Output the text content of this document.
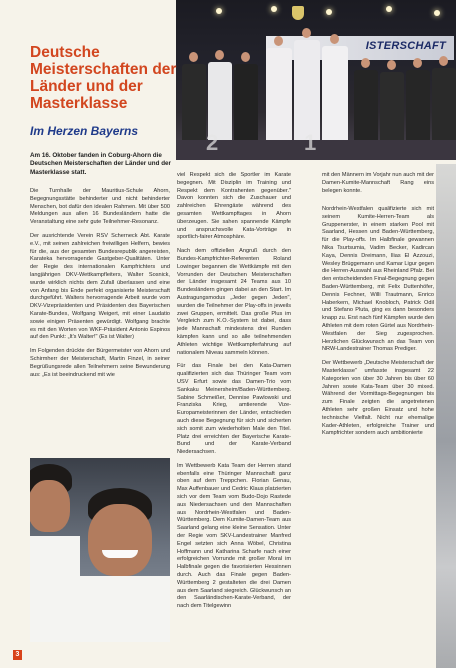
ISTERSCHAFT
2	1
Deutsche Meisterschaften der Länder und der Masterklasse
Im Herzen Bayerns
Am 16. Oktober fanden in Coburg-Ahorn die Deutschen Meisterschaften der Länder und der Masterklasse statt.

Die Turnhalle der Mauritius-Schule Ahorn, Begegnungsstätte behinderter und nicht behinderter Menschen, bot dafür den idealen Rahmen. Mit über 500 Meldungen aus allen 16 Bundesländern hatte die Veranstaltung eine sehr gute Teilnehmer-Resonanz.

Der ausrichtende Verein RSV Scherneck Abt. Karate e.V., mit seinen zahlreichen freiwilligen Helfern, bewies für die, aus der gesamten Bundesrepublik angereisten, Karateka hervorragende Gastgeber-Qualitäten. Unter der Regie des internationalen Kampfrichters und langjährigen DKV-Wettkampfleiters, Walter Sosnick, wurde wirklich nichts dem Zufall überlassen und eine von Anfang bis Ende perfekt organisierte Meisterschaft durchgeführt. Walters hervorragende Arbeit wurde vom DKV-Vizepräsidenten und Präsidenten des Bayerischen Karate-Bundes, Wolfgang Weigert, mit einer Laudatio sowie einigen Präsenten gewürdigt. Wolfgang brachte es mit den Worten von WKF-Präsident Antonio Espinos auf den Punkt: „It's Walter!" (Es ist Walter)

Im Folgenden drückte der Bürgermeister von Ahorn und Schirmherr der Meisterschaft, Martin Finzel, in seiner Begrüßungsrede allen Teilnehmern seine Bewunderung aus: „Es ist beeindruckend mit wie

viel Respekt sich die Sportler im Karate begegnen. Mit Disziplin im Training und Respekt dem Kontrahenten gegenüber." Davon konnten sich die Zuschauer und zahlreichen Ehrengäste während des gesamten Wettkampftages in Ahorn überzeugen. Sie sahen spannende Kämpfe und anspruchsvolle Kata-Vorträge in sportlich-fairer Atmosphäre.

Nach dem offiziellen Angruß durch den Bundes-Kampfrichter-Referenten Roland Lowinger begannen die Wettkämpfe mit den Vorrunden der Deutschen Meisterschaften der Länder insgesamt 24 Teams aus 10 Bundesländern gingen dabei an den Start. Im Austragungsmodus „Jeder gegen Jeden", wurden die Teilnehmer der Play-offs in jeweils zwei Gruppen, ermittelt. Das große Plus im Vergleich zum K.O.-System ist dabei, dass jede Mannschaft mindestens drei Runden kämpfen kann und so alle teilnehmenden Athleten wichtige Wettkampferfahrung auf nationalem Niveau sammeln können.

Für das Finale bei den Kata-Damen qualifizierten sich das Thüringer Team vom USV Erfurt sowie das Damen-Trio vom Sankaku Meinersheim/Baden-Württemberg. Sabine Schmeißer, Dennise Pawlowski und Franziska Krieg, amtierende Vize-Europameisterinnen der Länder, entschieden auch diese Begegnung für sich und sicherten sich somit zum wiederholten Male den Titel. Platz drei erreichten der Bayerische Karate-Bund und der Karate-Verband Niedersachsen.

Im Wettbewerb Kata Team der Herren stand ebenfalls eine Thüringer Mannschaft ganz oben auf dem Treppchen. Florian Genau, Max Auffenbauer und Cedric Klaus platzierten sich vor dem Team vom Budo-Dojo Rastede aus Niedersachsen und den Mannschaften aus Nordrhein-Westfalen und Baden-Württemberg. Dem Kumite-Damen-Team aus Saarland gelang eine kleine Sensation. Unter der Regie vom SKV-Landestrainer Manfred Engel setzten sich Anna Wöbel, Christina Hoffmann und Katharina Scharfe nach einer erfolgreichen Vorrunde mit großer Moral im Halbfinale gegen die favorisierten Hessinnen durch. Auch das Finale gegen Baden-Württemberg 2 gestalteten die drei Damen aus dem Saarland siegreich. Glückwunsch an den Saarländischen-Karate-Verband, der nach dem Titelgewinn

mit den Männern im Vorjahr nun auch mit der Damen-Kumite-Mannschaft Rang eins belegen konnte.

Nordrhein-Westfalen qualifizierte sich mit seinem Kumite-Herren-Team als Gruppenerster, in einem starken Pool mit Saarland, Hessen und Baden-Württemberg, für die Play-offs. Im Halbfinale gewannen Nika Tsurtsumia, Vadim Becker, Kadircan Kaya, Dennis Dreimann, Ilias El Azzouzi, Wesley Brüggemann und Kamar Ligur gegen die Herren-Auswahl aus Rheinland Pfalz. Bei den entscheidenden Final-Begegnung gegen Baden-Württemberg, mit Felix Duttenhöfer, Dennis Fechner, Willi Trautmann, Enrico Haberkern, Michael Knobloch, Patrick Odil und Stefano Pluta, ging es dann besonders knapp zu. Erst nach fünf Kämpfen wurde den Athleten mit dem roten Gürtel aus Nordrhein-Westfalen der Sieg zugesprochen. Herzlichen Glückwunsch an das Team von NRW-Landestrainer Thomas Prediger.

Der Wettbewerb „Deutsche Meisterschaft der Masterklasse" umfasste insgesamt 22 Kategorien von über 30 Jahren bis über 60 Jahren sowie Kata-Team über 30 mixed. Während der Vormittags-Begegnungen bis zum Finale zeigten die angetretenen Athleten sehr großen Einsatz und hohe technische Vielfalt. Nicht nur ehemalige Kader-Athleten, erfolgreiche Trainer und Kampfrichter sondern auch ambitionierte

3
